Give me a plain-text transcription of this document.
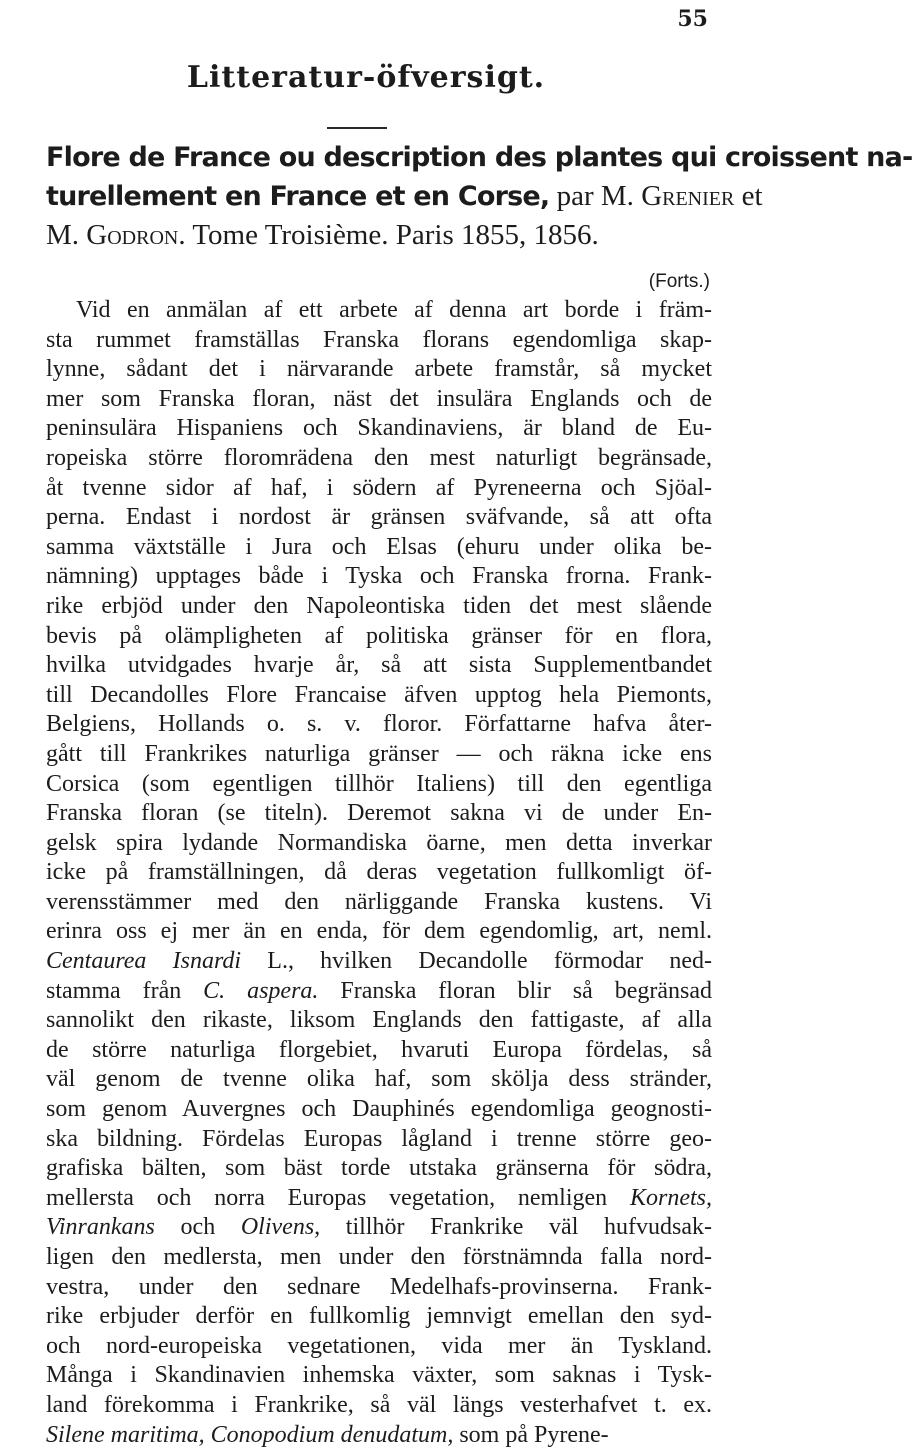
55
Litteratur-öfversigt.
Flore de France ou description des plantes qui croissent na-
turellement en France et en Corse, par M. Grenier et
M. Godron. Tome Troisième. Paris 1855, 1856.
(Forts.)
Vid en anmälan af ett arbete af denna art borde i främ-
sta rummet framställas Franska florans egendomliga skap-
lynne, sådant det i närvarande arbete framstår, så mycket
mer som Franska floran, näst det insulära Englands och de
peninsulära Hispaniens och Skandinaviens, är bland de Eu-
ropeiska större floromrädena den mest naturligt begränsade,
åt tvenne sidor af haf, i södern af Pyreneerna och Sjöal-
perna. Endast i nordost är gränsen sväfvande, så att ofta
samma växtställe i Jura och Elsas (ehuru under olika be-
nämning) upptages både i Tyska och Franska frorna. Frank-
rike erbjöd under den Napoleontiska tiden det mest slående
bevis på olämpligheten af politiska gränser för en flora,
hvilka utvidgades hvarje år, så att sista Supplementbandet
till Decandolles Flore Francaise äfven upptog hela Piemonts,
Belgiens, Hollands o. s. v. floror. Författarne hafva åter-
gått till Frankrikes naturliga gränser — och räkna icke ens
Corsica (som egentligen tillhör Italiens) till den egentliga
Franska floran (se titeln). Deremot sakna vi de under En-
gelsk spira lydande Normandiska öarne, men detta inverkar
icke på framställningen, då deras vegetation fullkomligt öf-
verensstämmer med den närliggande Franska kustens. Vi
erinra oss ej mer än en enda, för dem egendomlig, art, neml.
Centaurea Isnardi L., hvilken Decandolle förmodar ned-
stamma från C. aspera. Franska floran blir så begränsad
sannolikt den rikaste, liksom Englands den fattigaste, af alla
de större naturliga florgebiet, hvaruti Europa fördelas, så
väl genom de tvenne olika haf, som skölja dess stränder,
som genom Auvergnes och Dauphinés egendomliga geognosti-
ska bildning. Fördelas Europas lågland i trenne större geo-
grafiska bälten, som bäst torde utstaka gränserna för södra,
mellersta och norra Europas vegetation, nemligen Kornets,
Vinrankans och Olivens, tillhör Frankrike väl hufvudsak-
ligen den medlersta, men under den förstnämnda falla nord-
vestra, under den sednare Medelhafs-provinserna. Frank-
rike erbjuder derför en fullkomlig jemnvigt emellan den syd-
och nord-europeiska vegetationen, vida mer än Tyskland.
Många i Skandinavien inhemska växter, som saknas i Tysk-
land förekomma i Frankrike, så väl längs vesterhafvet t. ex.
Silene maritima, Conopodium denudatum, som på Pyrene-
